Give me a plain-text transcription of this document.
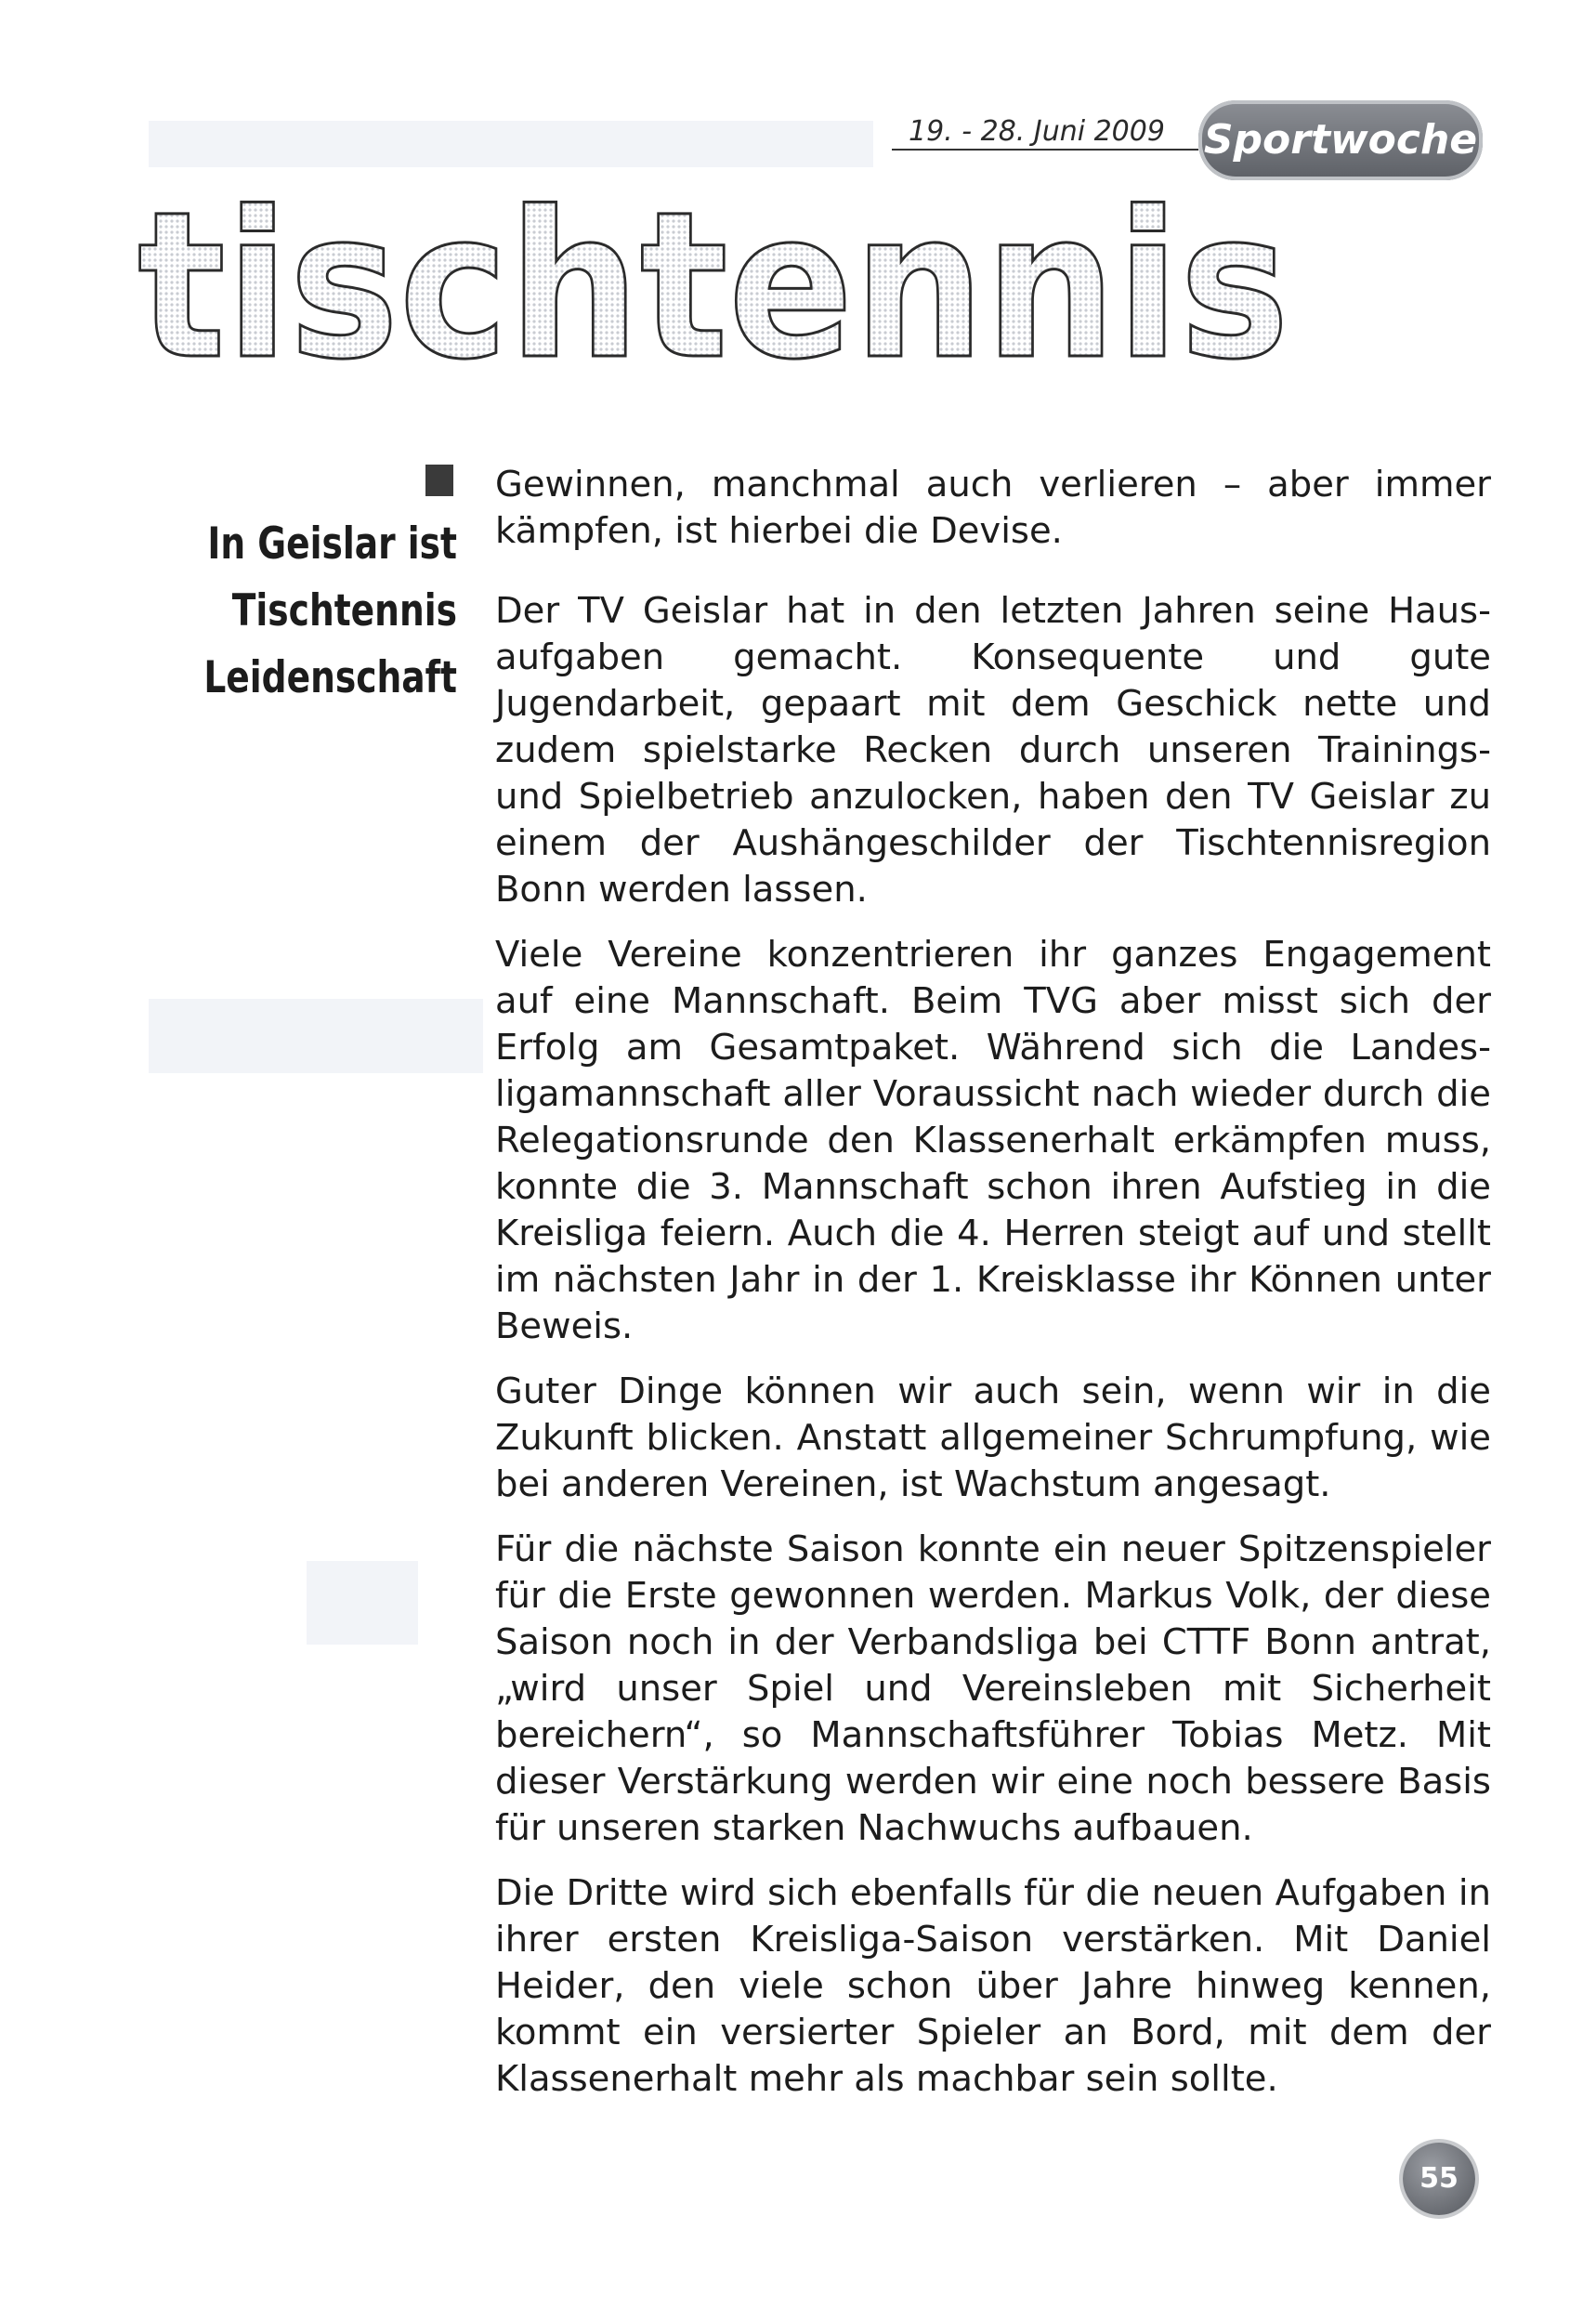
19. - 28. Juni 2009 Sportwoche
tischtennis
In Geislar ist
Tischtennis
Leidenschaft

Gewinnen, manchmal auch verlieren – aber immer kämpfen, ist hierbei die Devise.

Der TV Geislar hat in den letzten Jahren seine Hausaufgaben gemacht. Konsequente und gute Jugendarbeit, gepaart mit dem Geschick nette und zudem spielstarke Recken durch unseren Trainings- und Spielbetrieb anzulocken, haben den TV Geislar zu einem der Aushängeschilder der Tischtennisregion Bonn werden lassen.

Viele Vereine konzentrieren ihr ganzes Engagement auf eine Mannschaft. Beim TVG aber misst sich der Erfolg am Gesamtpaket. Während sich die Landesligamannschaft aller Voraussicht nach wieder durch die Relegationsrunde den Klassenerhalt erkämpfen muss, konnte die 3. Mannschaft schon ihren Aufstieg in die Kreisliga feiern. Auch die 4. Herren steigt auf und stellt im nächsten Jahr in der 1. Kreisklasse ihr Können unter Beweis.

Guter Dinge können wir auch sein, wenn wir in die Zukunft blicken. Anstatt allgemeiner Schrumpfung, wie bei anderen Vereinen, ist Wachstum angesagt.

Für die nächste Saison konnte ein neuer Spitzenspieler für die Erste gewonnen werden. Markus Volk, der diese Saison noch in der Verbandsliga bei CTTF Bonn antrat, „wird unser Spiel und Vereinsleben mit Sicherheit bereichern“, so Mannschaftsführer Tobias Metz. Mit dieser Verstärkung werden wir eine noch bessere Basis für unseren starken Nachwuchs aufbauen.

Die Dritte wird sich ebenfalls für die neuen Aufgaben in ihrer ersten Kreisliga-Saison verstärken. Mit Daniel Heider, den viele schon über Jahre hinweg kennen, kommt ein versierter Spieler an Bord, mit dem der Klassenerhalt mehr als machbar sein sollte.

55
